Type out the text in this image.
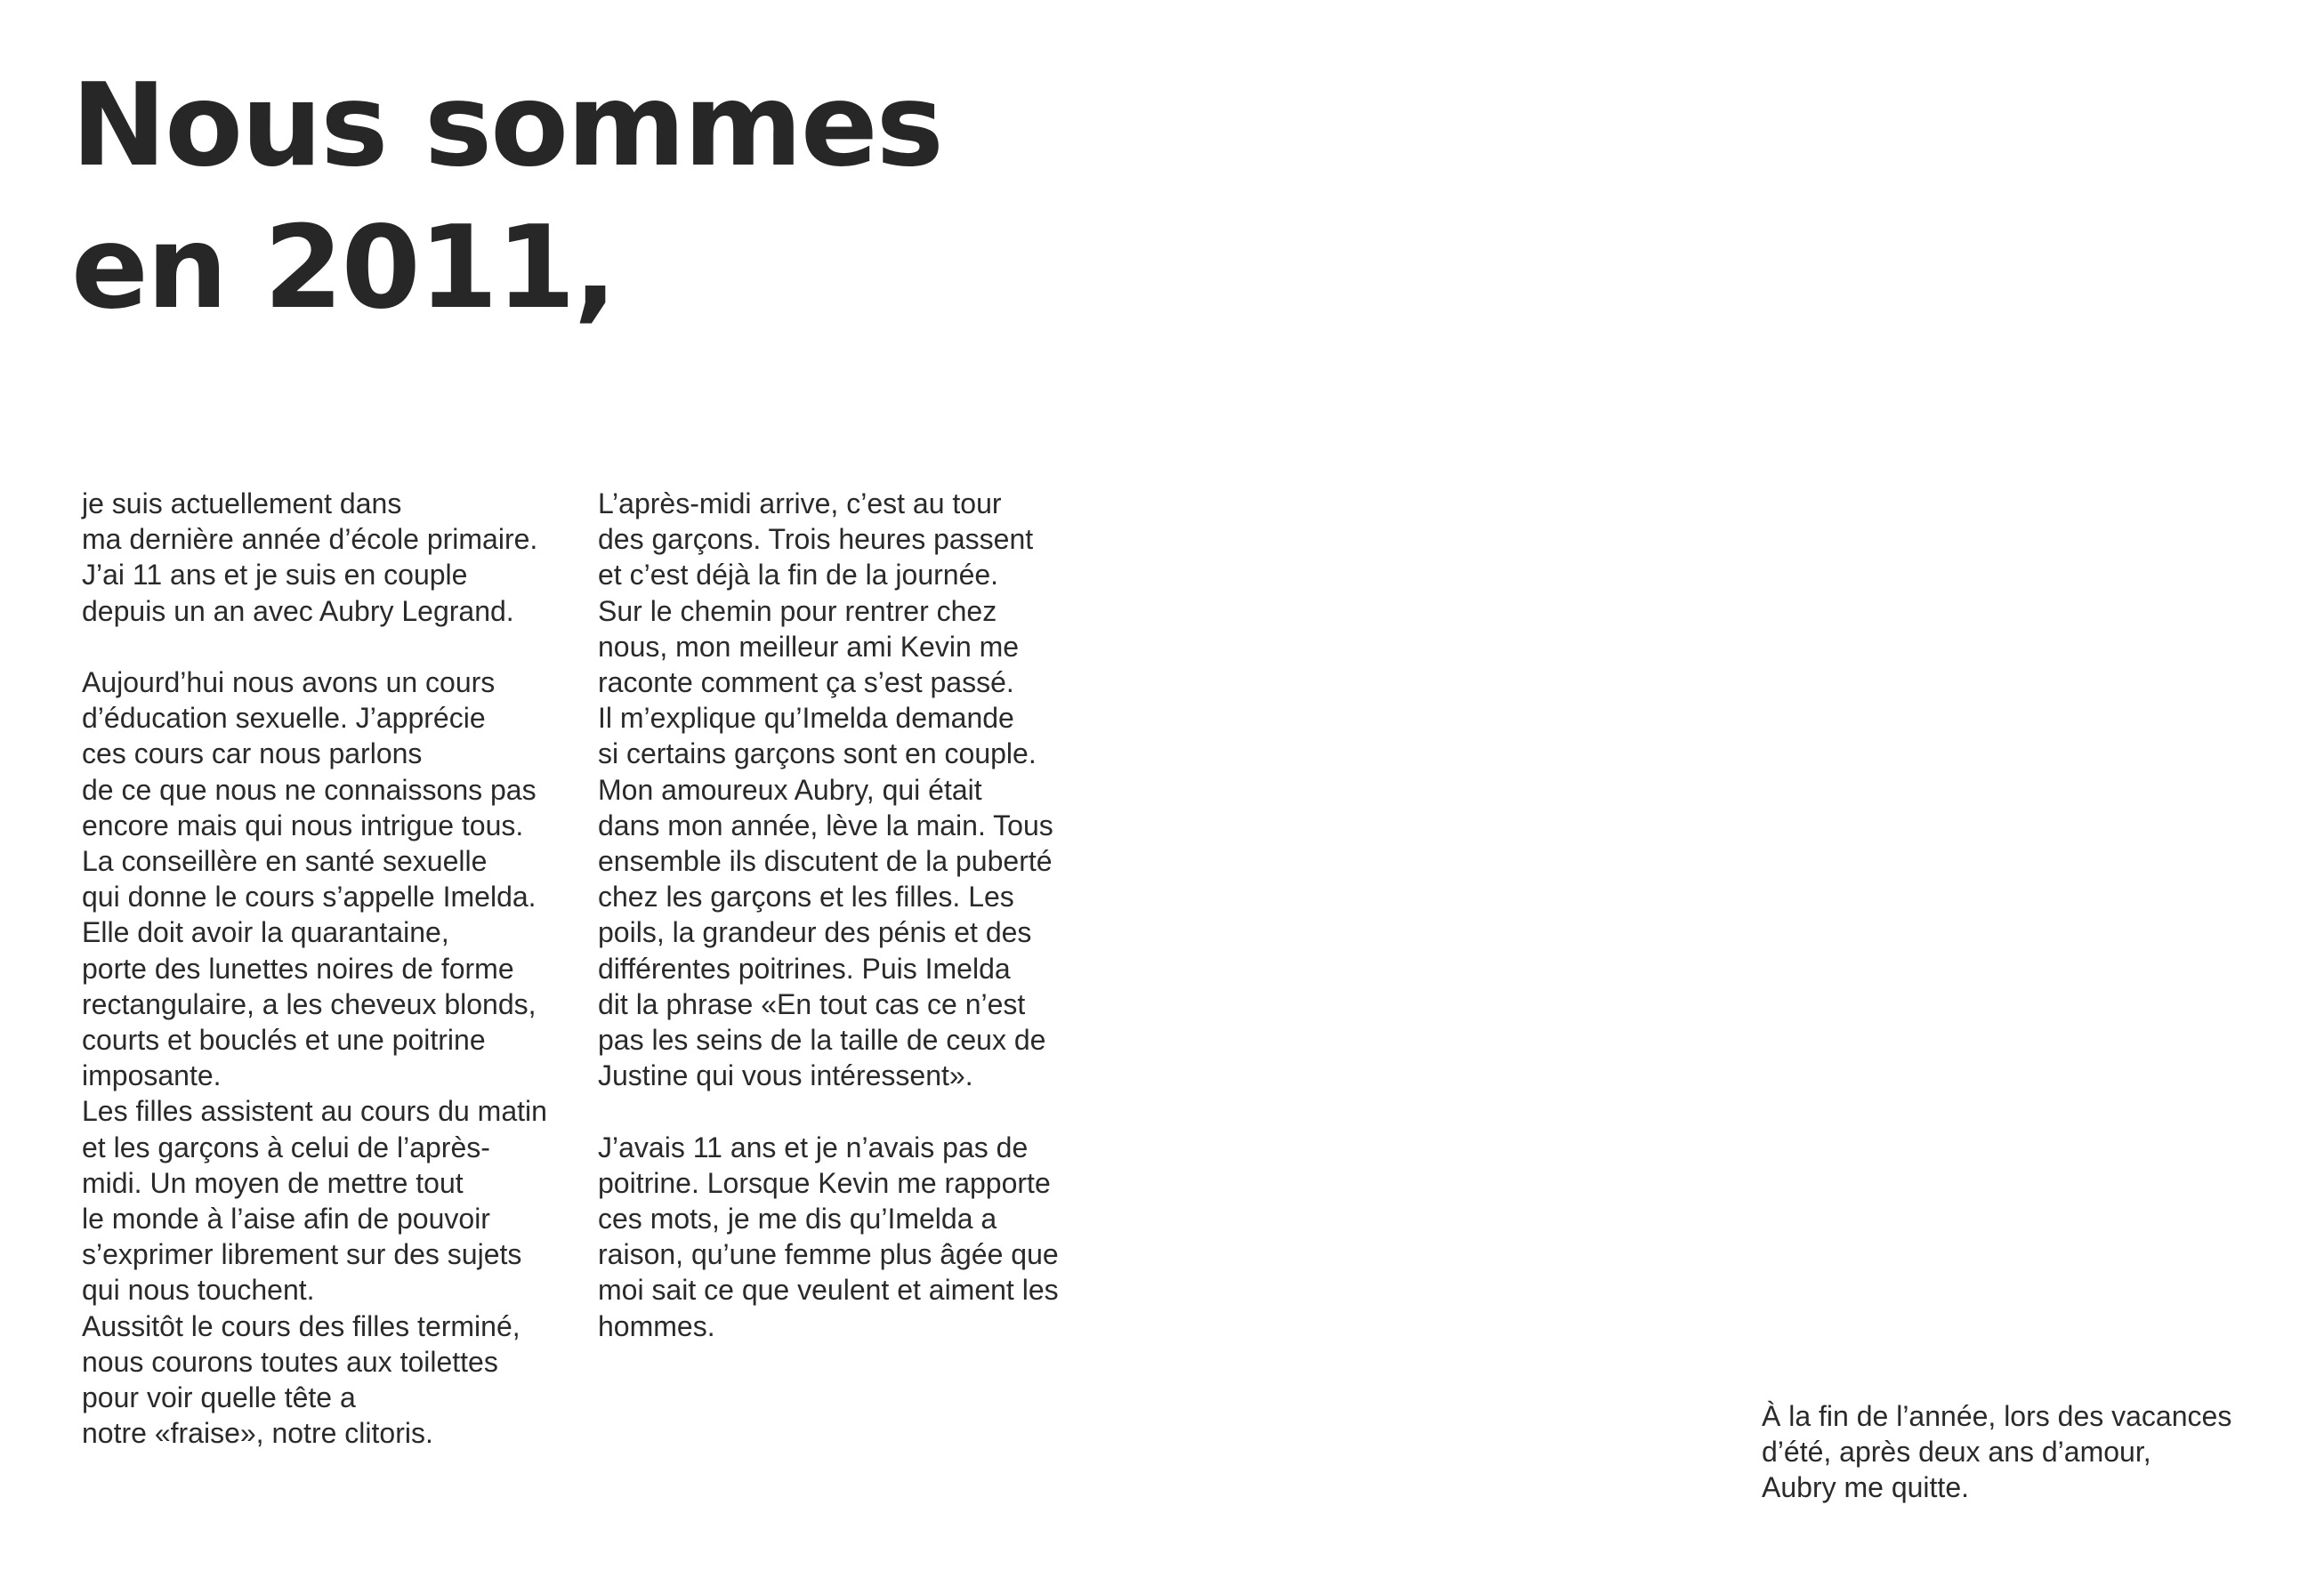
Nous sommes
en 2011,

je suis actuellement dans
ma dernière année d’école primaire.
J’ai 11 ans et je suis en couple
depuis un an avec Aubry Legrand.

Aujourd’hui nous avons un cours
d’éducation sexuelle. J’apprécie
ces cours car nous parlons
de ce que nous ne connaissons pas
encore mais qui nous intrigue tous.
La conseillère en santé sexuelle
qui donne le cours s’appelle Imelda.
Elle doit avoir la quarantaine,
porte des lunettes noires de forme
rectangulaire, a les cheveux blonds,
courts et bouclés et une poitrine
imposante.
Les filles assistent au cours du matin
et les garçons à celui de l’après-
midi. Un moyen de mettre tout
le monde à l’aise afin de pouvoir
s’exprimer librement sur des sujets
qui nous touchent.
Aussitôt le cours des filles terminé,
nous courons toutes aux toilettes
pour voir quelle tête a
notre «fraise», notre clitoris.

L’après-midi arrive, c’est au tour
des garçons. Trois heures passent
et c’est déjà la fin de la journée.
Sur le chemin pour rentrer chez
nous, mon meilleur ami Kevin me
raconte comment ça s’est passé.
Il m’explique qu’Imelda demande
si certains garçons sont en couple.
Mon amoureux Aubry, qui était
dans mon année, lève la main. Tous
ensemble ils discutent de la puberté
chez les garçons et les filles. Les
poils, la grandeur des pénis et des
différentes poitrines. Puis Imelda
dit la phrase «En tout cas ce n’est
pas les seins de la taille de ceux de
Justine qui vous intéressent».

J’avais 11 ans et je n’avais pas de
poitrine. Lorsque Kevin me rapporte
ces mots, je me dis qu’Imelda a
raison, qu’une femme plus âgée que
moi sait ce que veulent et aiment les
hommes.

À la fin de l’année, lors des vacances
d’été, après deux ans d’amour,
Aubry me quitte.
